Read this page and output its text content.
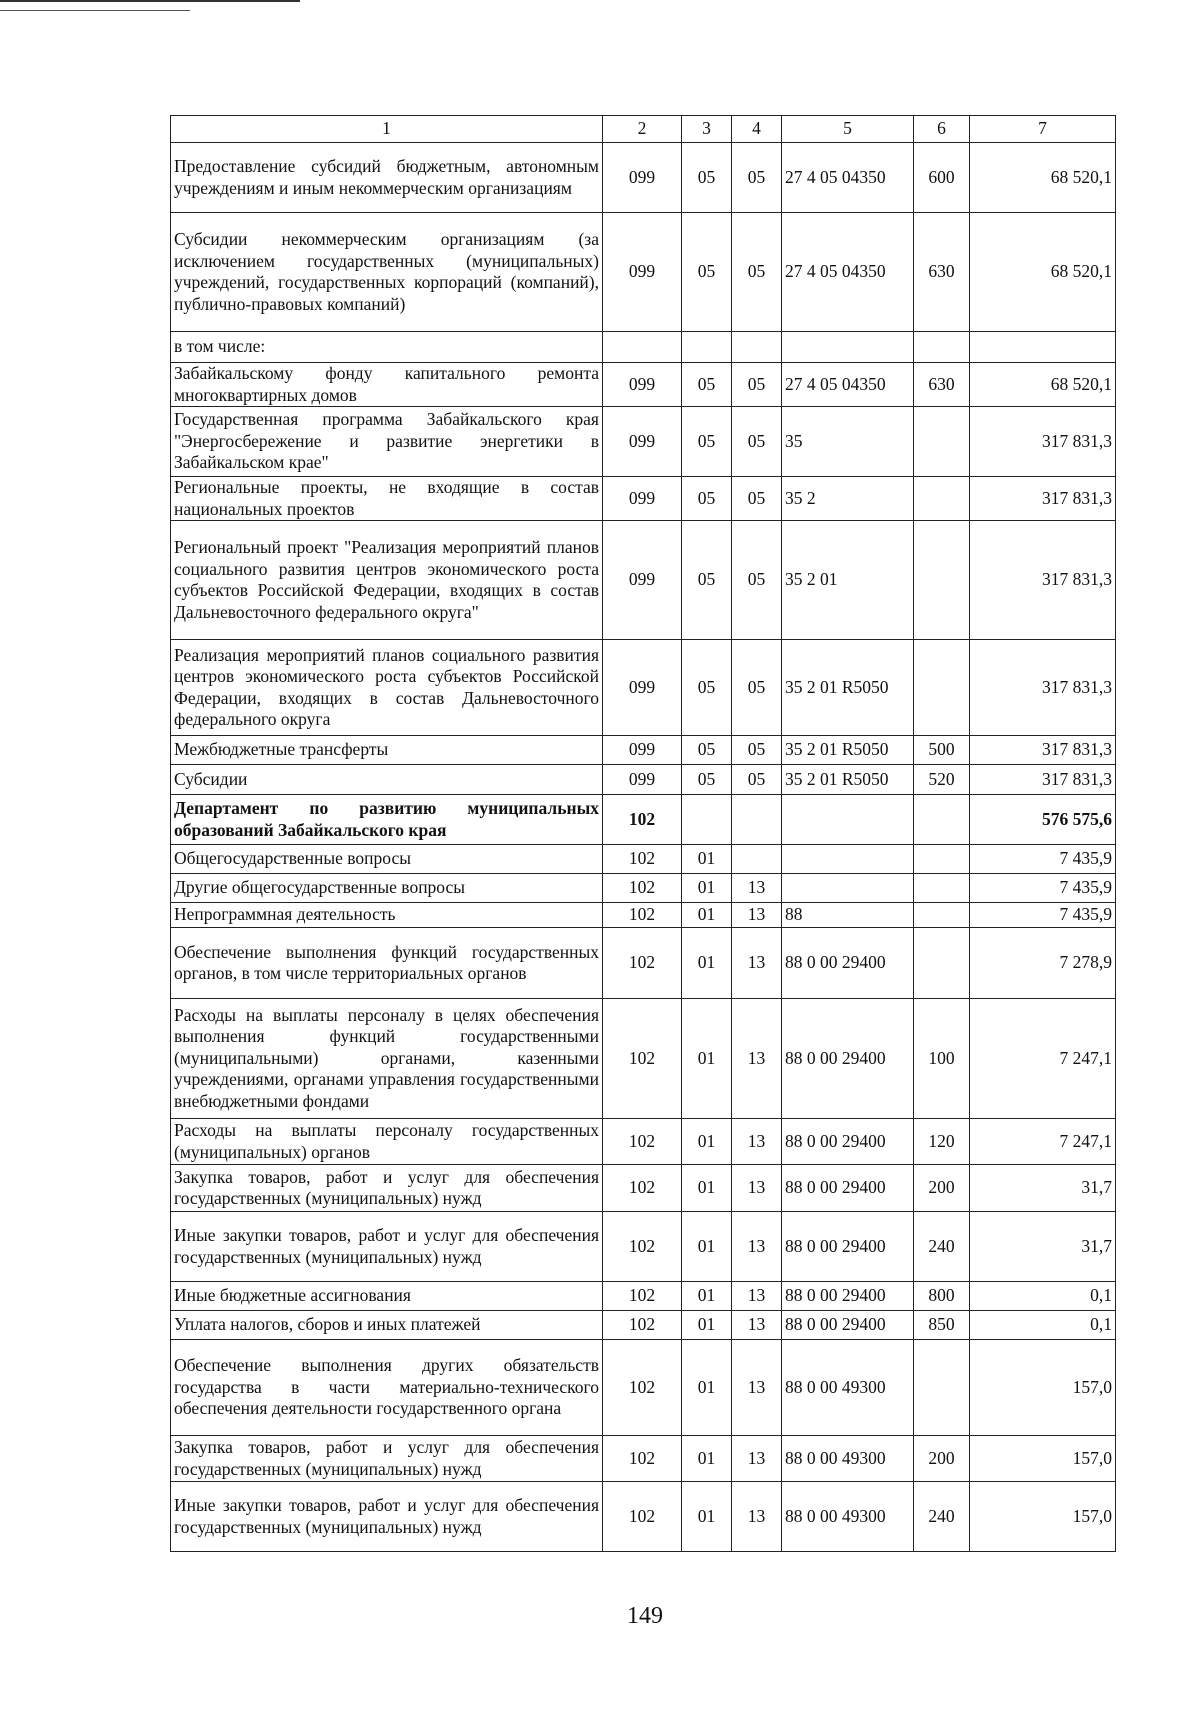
1	2	3	4	5	6	7
Предоставление субсидий бюджетным, автономным учреждениям и иным некоммерческим организациям	099	05	05	27 4 05 04350	600	68 520,1
Субсидии некоммерческим организациям (за исключением государственных (муниципальных) учреждений, государственных корпораций (компаний), публично-правовых компаний)	099	05	05	27 4 05 04350	630	68 520,1
в том числе:						
Забайкальскому фонду капитального ремонта многоквартирных домов	099	05	05	27 4 05 04350	630	68 520,1
Государственная программа Забайкальского края "Энергосбережение и развитие энергетики в Забайкальском крае"	099	05	05	35		317 831,3
Региональные проекты, не входящие в состав национальных проектов	099	05	05	35 2		317 831,3
Региональный проект "Реализация мероприятий планов социального развития центров экономического роста субъектов Российской Федерации, входящих в состав Дальневосточного федерального округа"	099	05	05	35 2 01		317 831,3
Реализация мероприятий планов социального развития центров экономического роста субъектов Российской Федерации, входящих в состав Дальневосточного федерального округа	099	05	05	35 2 01 R5050		317 831,3
Межбюджетные трансферты	099	05	05	35 2 01 R5050	500	317 831,3
Субсидии	099	05	05	35 2 01 R5050	520	317 831,3
Департамент по развитию муниципальных образований Забайкальского края	102					576 575,6
Общегосударственные вопросы	102	01				7 435,9
Другие общегосударственные вопросы	102	01	13			7 435,9
Непрограммная деятельность	102	01	13	88		7 435,9
Обеспечение выполнения функций государственных органов, в том числе территориальных органов	102	01	13	88 0 00 29400		7 278,9
Расходы на выплаты персоналу в целях обеспечения выполнения функций государственными (муниципальными) органами, казенными учреждениями, органами управления государственными внебюджетными фондами	102	01	13	88 0 00 29400	100	7 247,1
Расходы на выплаты персоналу государственных (муниципальных) органов	102	01	13	88 0 00 29400	120	7 247,1
Закупка товаров, работ и услуг для обеспечения государственных (муниципальных) нужд	102	01	13	88 0 00 29400	200	31,7
Иные закупки товаров, работ и услуг для обеспечения государственных (муниципальных) нужд	102	01	13	88 0 00 29400	240	31,7
Иные бюджетные ассигнования	102	01	13	88 0 00 29400	800	0,1
Уплата налогов, сборов и иных платежей	102	01	13	88 0 00 29400	850	0,1
Обеспечение выполнения других обязательств государства в части материально-технического обеспечения деятельности государственного органа	102	01	13	88 0 00 49300		157,0
Закупка товаров, работ и услуг для обеспечения государственных (муниципальных) нужд	102	01	13	88 0 00 49300	200	157,0
Иные закупки товаров, работ и услуг для обеспечения государственных (муниципальных) нужд	102	01	13	88 0 00 49300	240	157,0
149
